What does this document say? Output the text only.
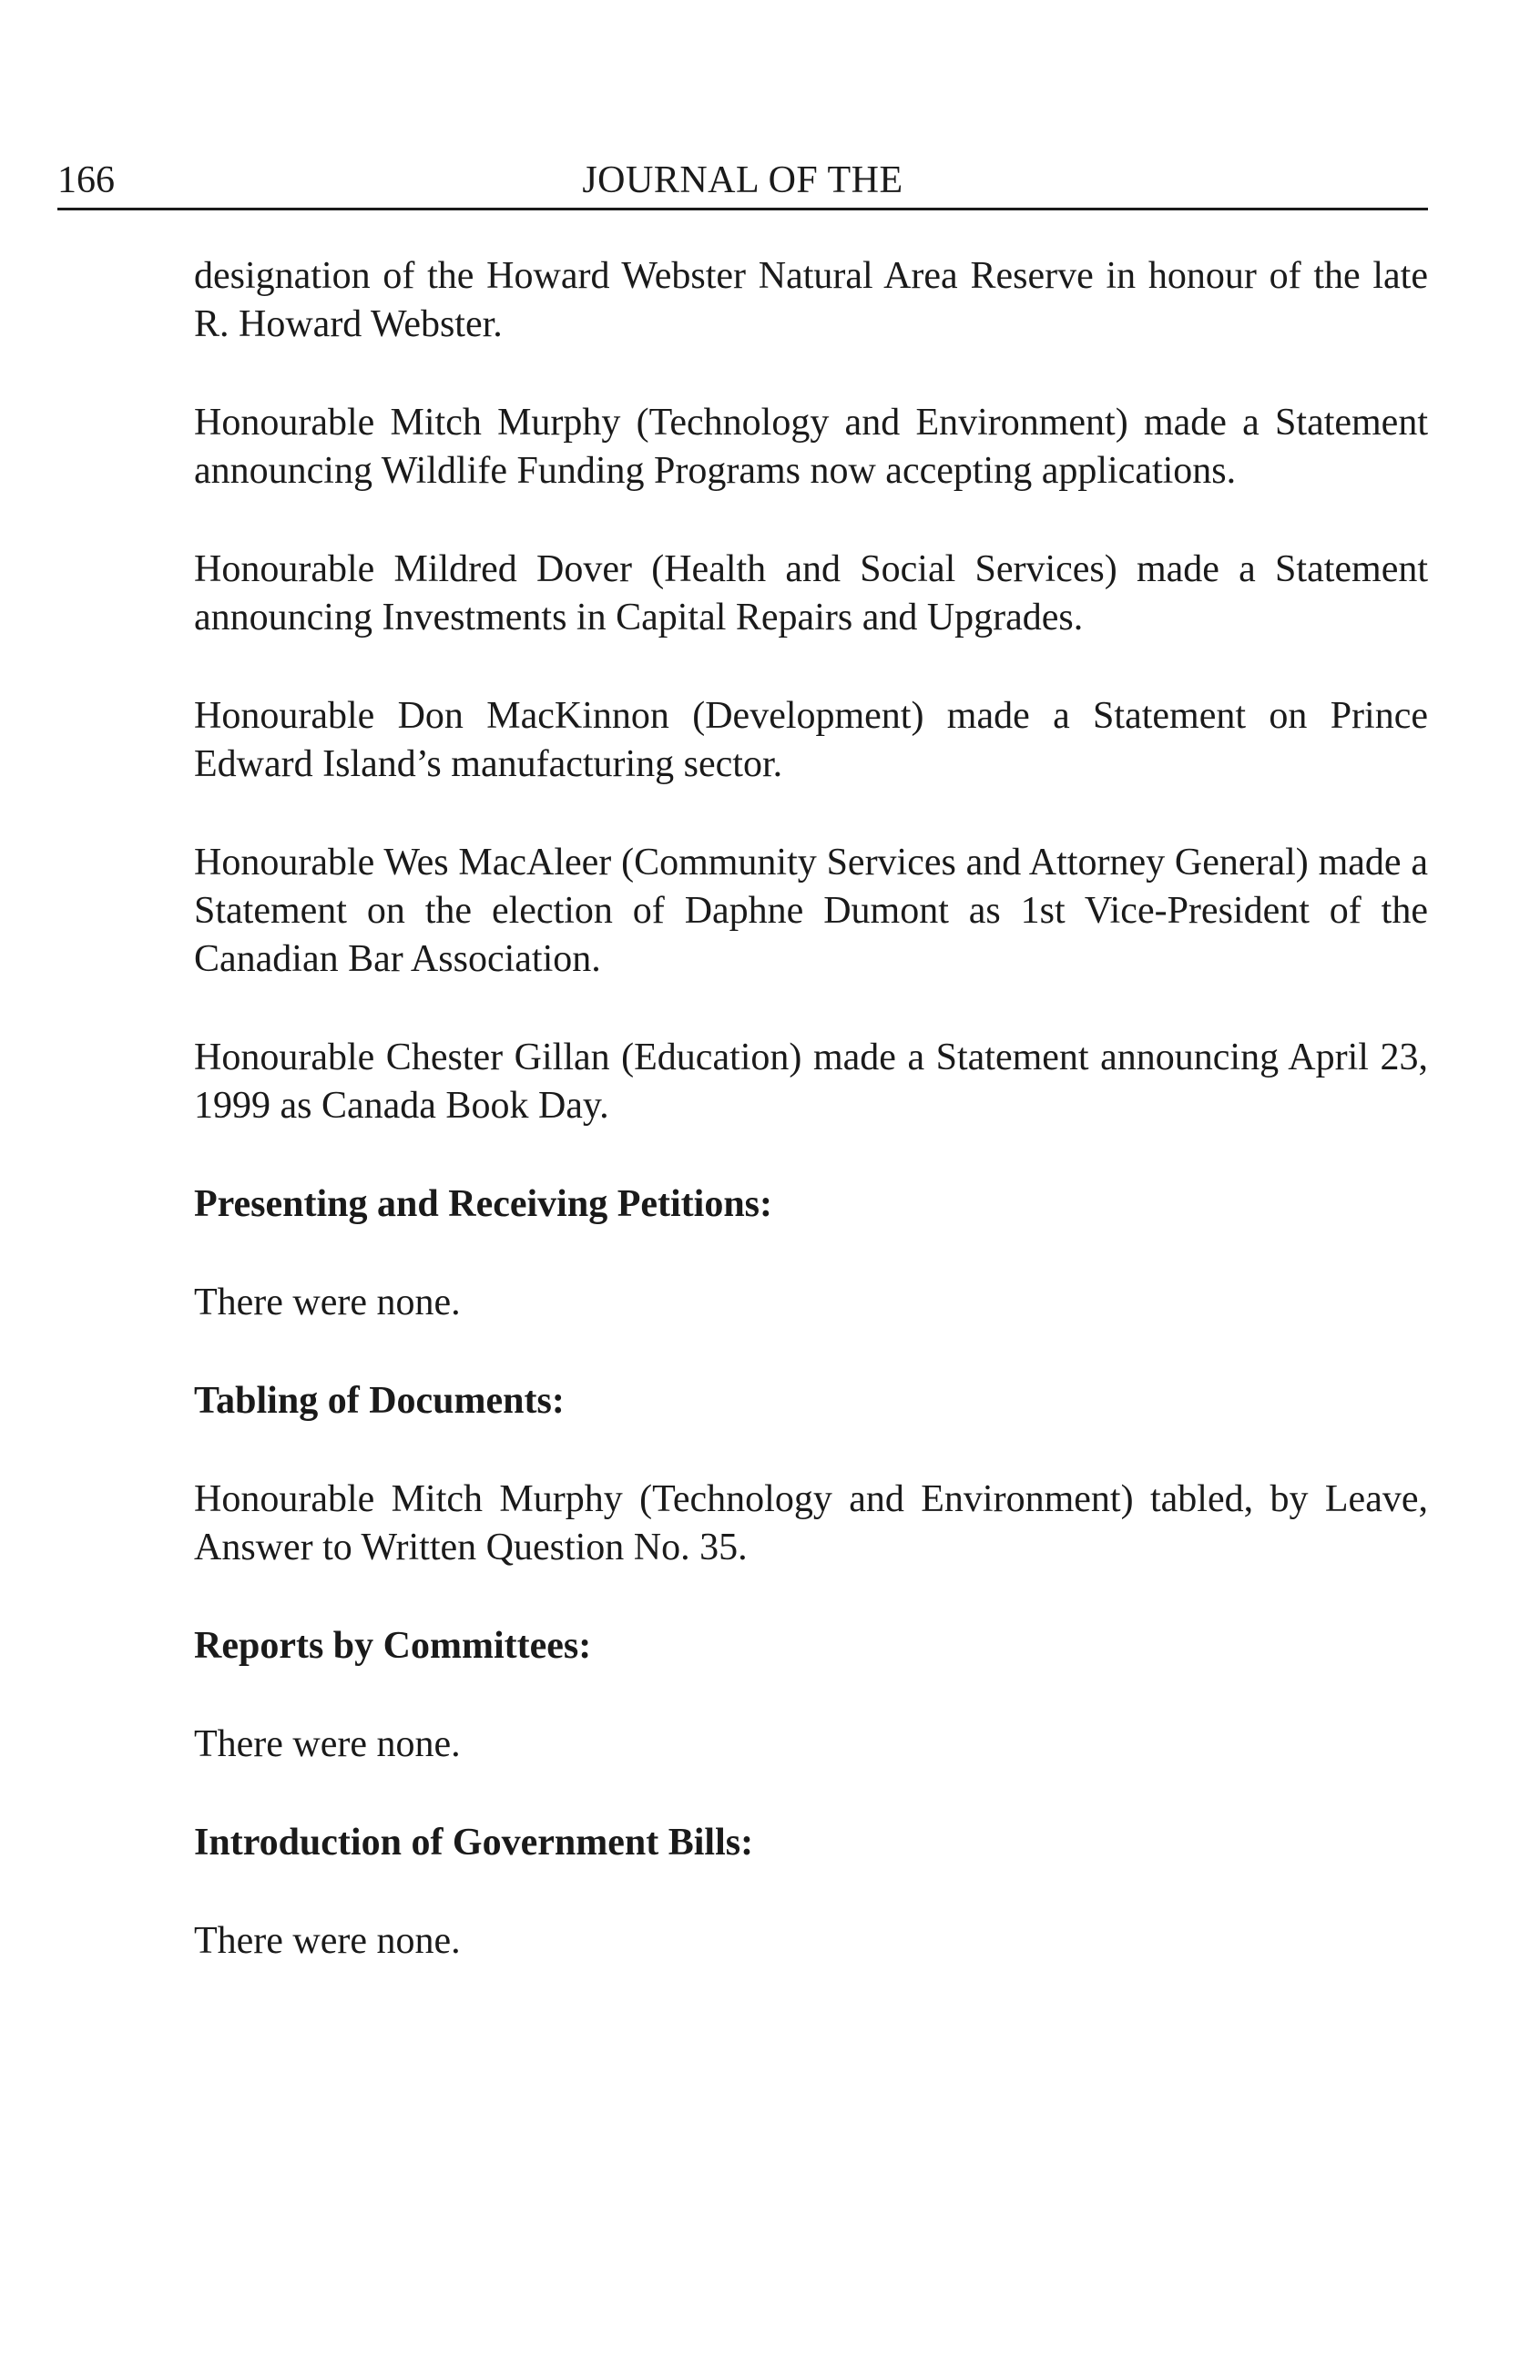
166	JOURNAL OF THE

designation of the Howard Webster Natural Area Reserve in honour of the late R. Howard Webster.

Honourable Mitch Murphy (Technology and Environment) made a Statement announcing Wildlife Funding Programs now accepting applications.

Honourable Mildred Dover (Health and Social Services) made a Statement announcing Investments in Capital Repairs and Upgrades.

Honourable Don MacKinnon (Development) made a Statement on Prince Edward Island’s manufacturing sector.

Honourable Wes MacAleer (Community Services and Attorney General) made a Statement on the election of Daphne Dumont as 1st Vice-President of the Canadian Bar Association.

Honourable Chester Gillan (Education) made a Statement announcing April 23, 1999 as Canada Book Day.

Presenting and Receiving Petitions:

There were none.

Tabling of Documents:

Honourable Mitch Murphy (Technology and Environment) tabled, by Leave, Answer to Written Question No. 35.

Reports by Committees:

There were none.

Introduction of Government Bills:

There were none.
